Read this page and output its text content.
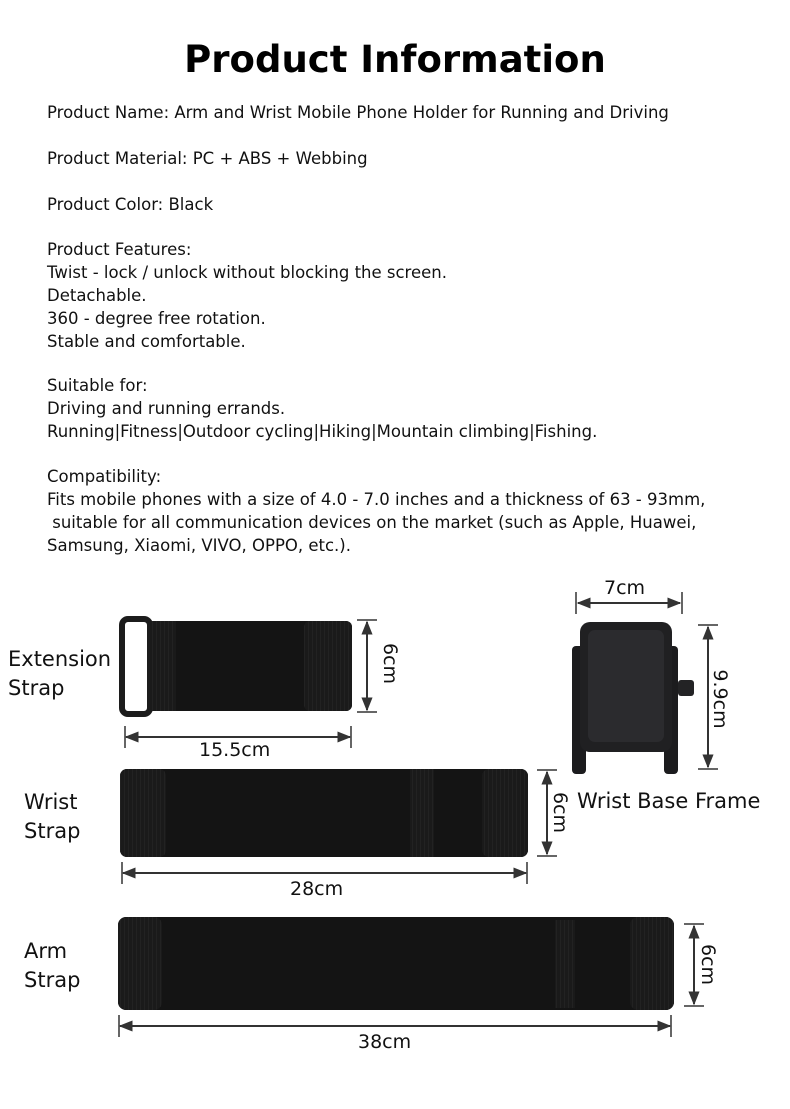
Product Information
Product Name: Arm and Wrist Mobile Phone Holder for Running and Driving
Product Material: PC + ABS + Webbing
Product Color: Black
Product Features:
Twist - lock / unlock without blocking the screen.
Detachable.
360 - degree free rotation.
Stable and comfortable.
Suitable for:
Driving and running errands.
Running|Fitness|Outdoor cycling|Hiking|Mountain climbing|Fishing.
Compatibility:
Fits mobile phones with a size of 4.0 - 7.0 inches and a thickness of 63 - 93mm,
suitable for all communication devices on the market (such as Apple, Huawei,
Samsung, Xiaomi, VIVO, OPPO, etc.).
Extension
Strap
Wrist
Strap
Arm
Strap
Wrist Base Frame
15.5cm
6cm
28cm
6cm
38cm
6cm
7cm
9.9cm
